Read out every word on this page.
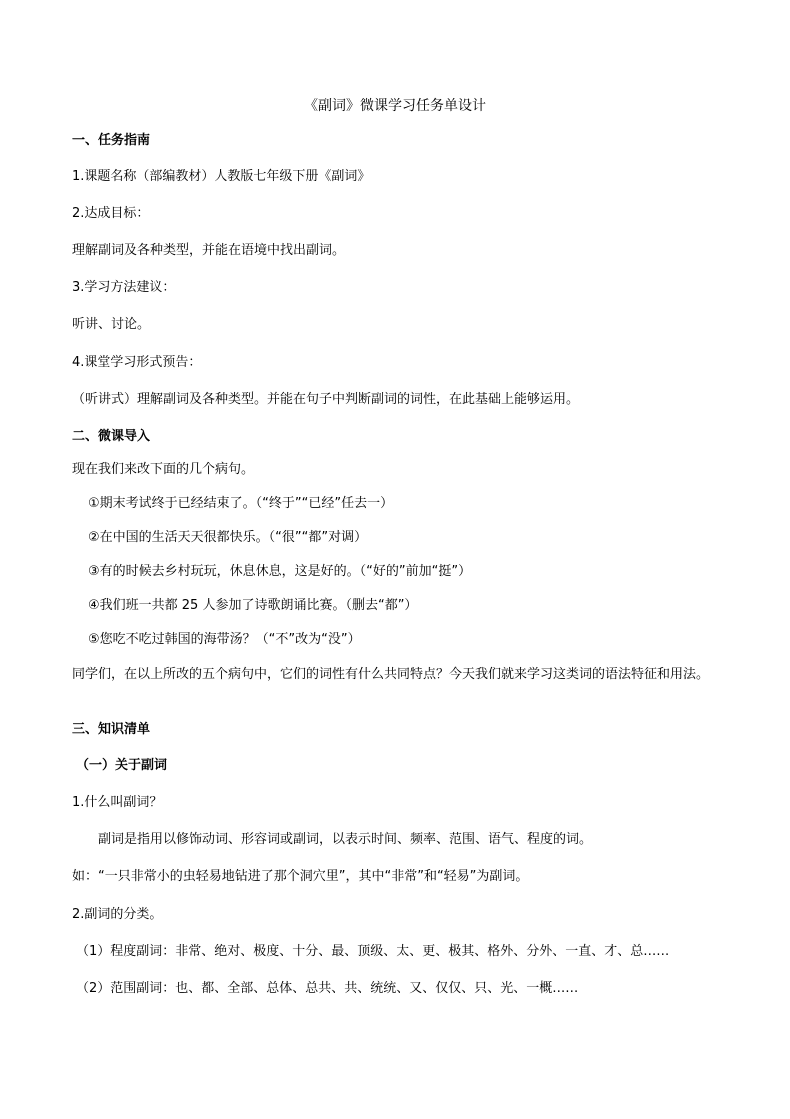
《副词》微课学习任务单设计
一、任务指南
1.课题名称（部编教材）人教版七年级下册《副词》
2.达成目标：
理解副词及各种类型，并能在语境中找出副词。
3.学习方法建议：
听讲、讨论。
4.课堂学习形式预告：
（听讲式）理解副词及各种类型。并能在句子中判断副词的词性，在此基础上能够运用。
二、微课导入
现在我们来改下面的几个病句。
①期末考试终于已经结束了。（“终于”“已经”任去一）
②在中国的生活天天很都快乐。（“很”“都”对调）
③有的时候去乡村玩玩，休息休息，这是好的。（“好的”前加“挺”）
④我们班一共都 25 人参加了诗歌朗诵比赛。（删去“都”）
⑤您吃不吃过韩国的海带汤？（“不”改为“没”）
同学们，在以上所改的五个病句中，它们的词性有什么共同特点？今天我们就来学习这类词的语法特征和用法。
三、知识清单
（一）关于副词
1.什么叫副词？
副词是指用以修饰动词、形容词或副词，以表示时间、频率、范围、语气、程度的词。
如：“一只非常小的虫轻易地钻进了那个洞穴里”，其中“非常”和“轻易”为副词。
2.副词的分类。
（1）程度副词：非常、绝对、极度、十分、最、顶级、太、更、极其、格外、分外、一直、才、总……
（2）范围副词：也、都、全部、总体、总共、共、统统、又、仅仅、只、光、一概……
